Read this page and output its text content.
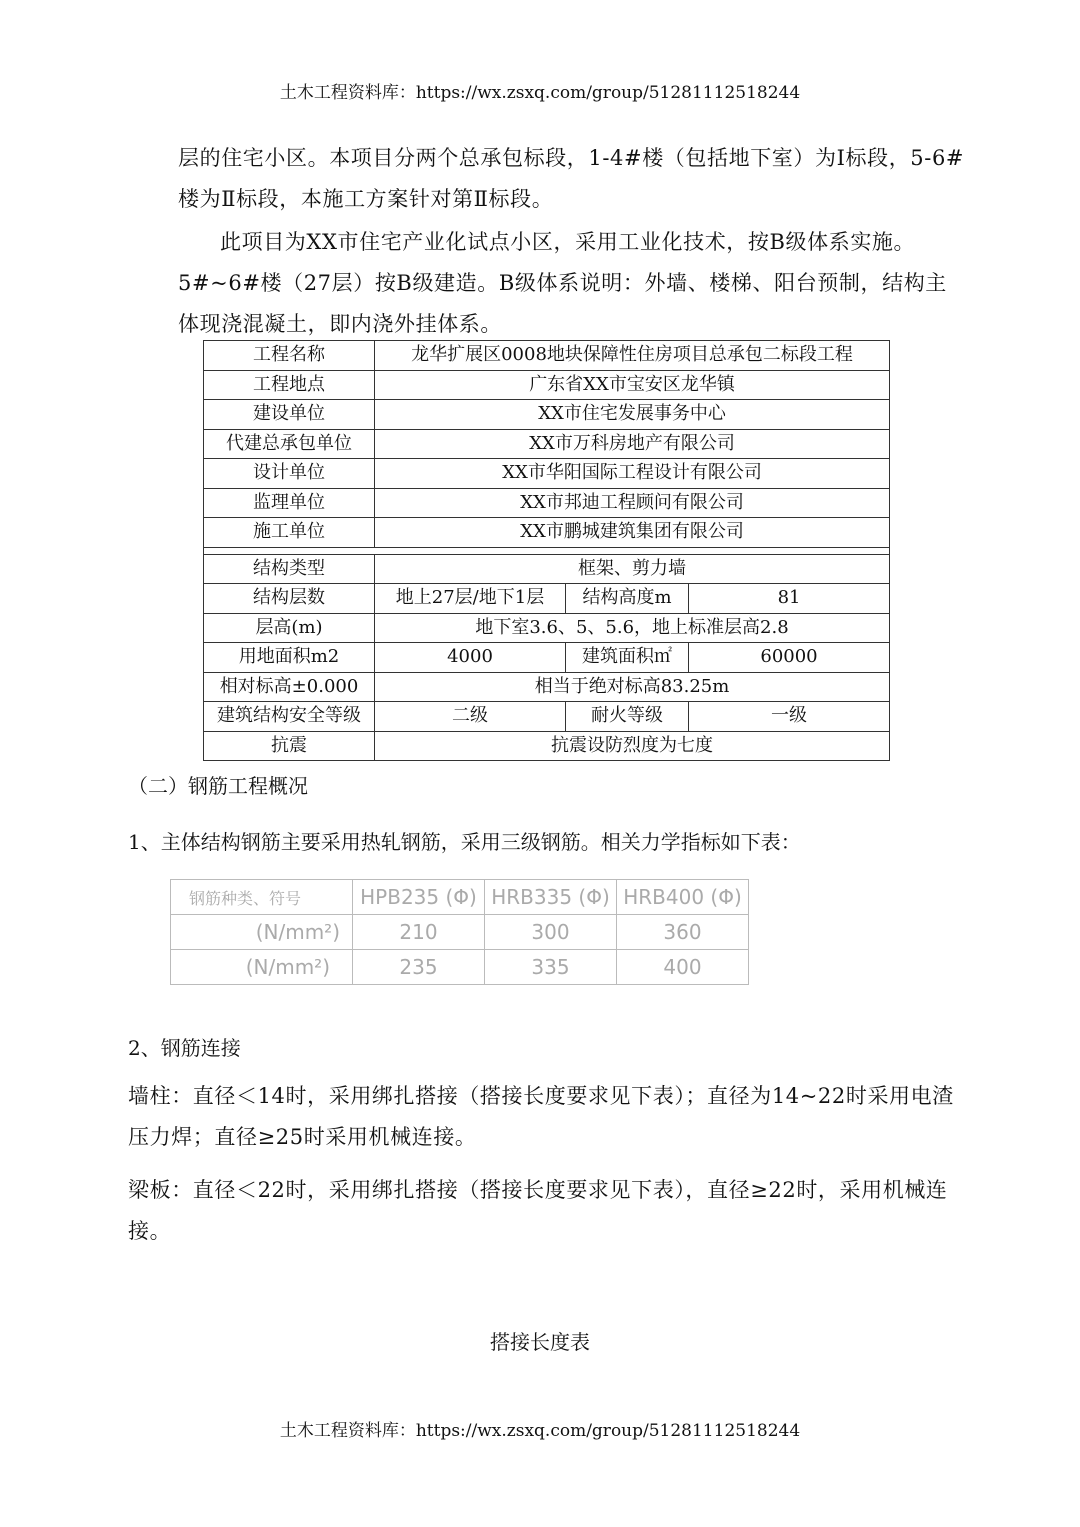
土木工程资料库：https://wx.zsxq.com/group/51281112518244
层的住宅小区。本项目分两个总承包标段，1-4#楼（包括地下室）为Ⅰ标段，5-6#楼为Ⅱ标段，本施工方案针对第Ⅱ标段。
此项目为XX市住宅产业化试点小区，采用工业化技术，按B级体系实施。5#~6#楼（27层）按B级建造。B级体系说明：外墙、楼梯、阳台预制，结构主体现浇混凝土，即内浇外挂体系。
工程名称	龙华扩展区0008地块保障性住房项目总承包二标段工程		
工程地点	广东省XX市宝安区龙华镇		
建设单位	XX市住宅发展事务中心		
代建总承包单位	XX市万科房地产有限公司		
设计单位	XX市华阳国际工程设计有限公司		
监理单位	XX市邦迪工程顾问有限公司		
施工单位	XX市鹏城建筑集团有限公司		

结构类型	框架、剪力墙		
结构层数	地上27层/地下1层	结构高度m	81
层高(m)	地下室3.6、5、5.6，地上标准层高2.8		
用地面积m2	4000	建筑面积㎡	60000
相对标高±0.000	相当于绝对标高83.25m		
建筑结构安全等级	二级	耐火等级	一级
抗震	抗震设防烈度为七度		
（二）钢筋工程概况
1、主体结构钢筋主要采用热轧钢筋，采用三级钢筋。相关力学指标如下表：
钢筋种类、符号	HPB235 (Φ)	HRB335 (Φ)	HRB400 (Φ)
(N/mm²)	210	300	360
(N/mm²)	235	335	400
2、钢筋连接
墙柱：直径＜14时，采用绑扎搭接（搭接长度要求见下表）；直径为14~22时采用电渣压力焊；直径≥25时采用机械连接。
梁板：直径＜22时，采用绑扎搭接（搭接长度要求见下表），直径≥22时，采用机械连接。
搭接长度表
土木工程资料库：https://wx.zsxq.com/group/51281112518244
